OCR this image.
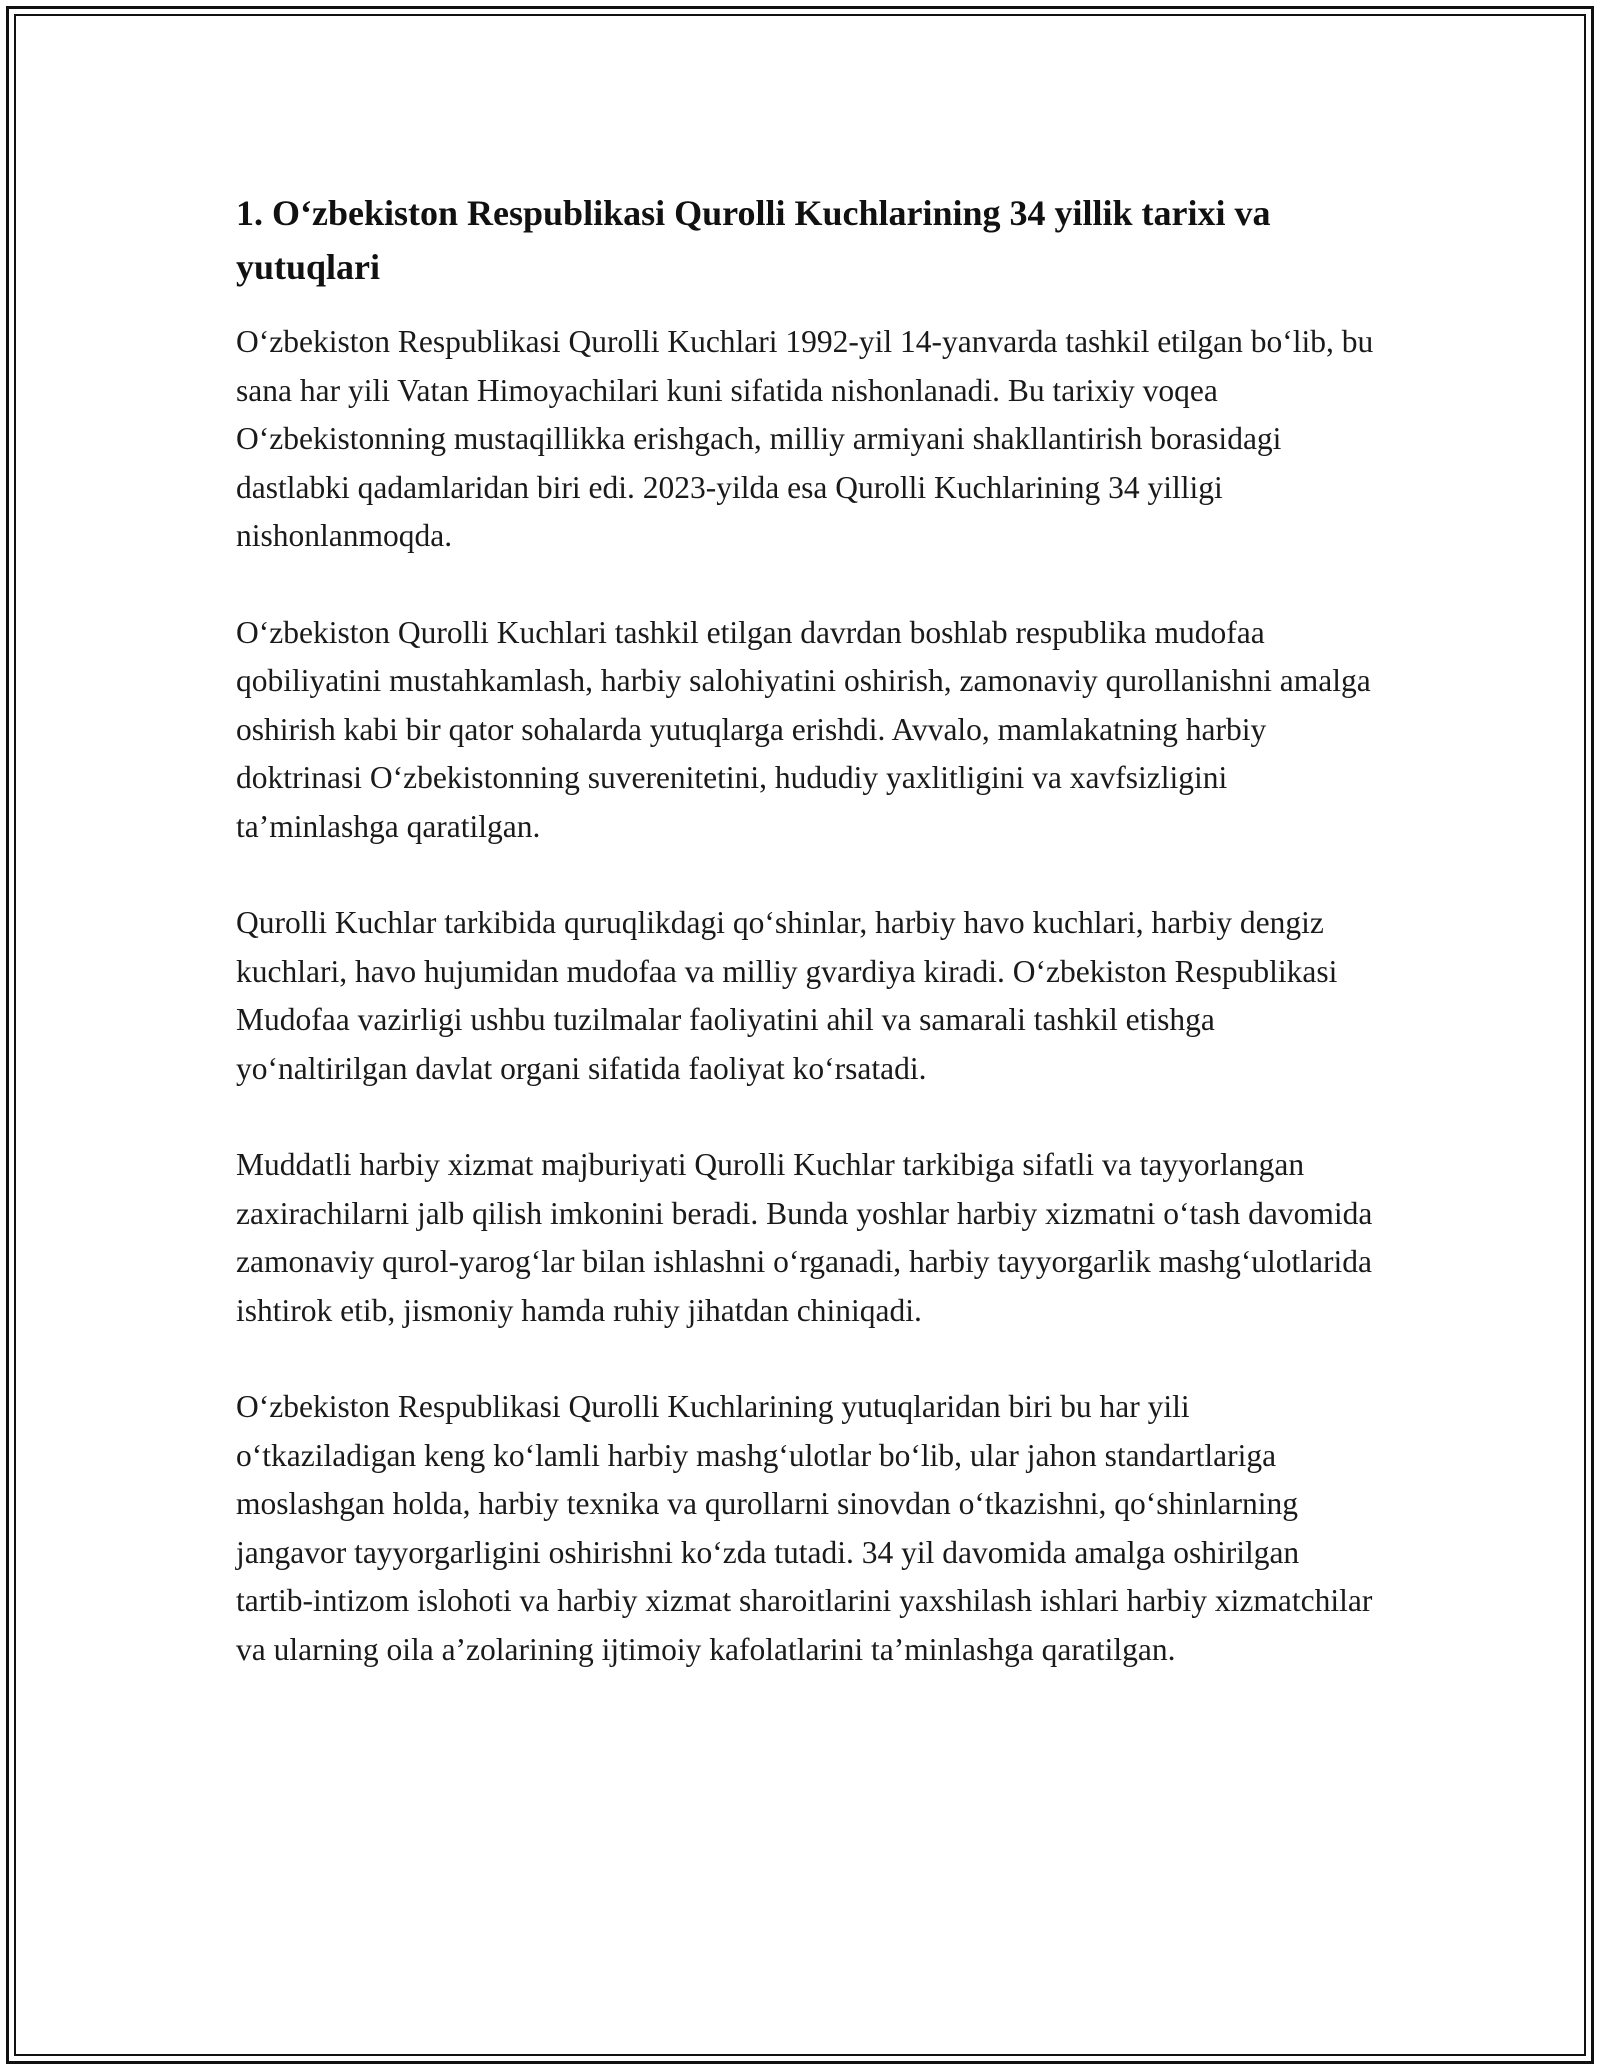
1. O‘zbekiston Respublikasi Qurolli Kuchlarining 34 yillik tarixi va yutuqlari

O‘zbekiston Respublikasi Qurolli Kuchlari 1992-yil 14-yanvarda tashkil etilgan bo‘lib, bu sana har yili Vatan Himoyachilari kuni sifatida nishonlanadi. Bu tarixiy voqea O‘zbekistonning mustaqillikka erishgach, milliy armiyani shakllantirish borasidagi dastlabki qadamlaridan biri edi. 2023-yilda esa Qurolli Kuchlarining 34 yilligi nishonlanmoqda.

O‘zbekiston Qurolli Kuchlari tashkil etilgan davrdan boshlab respublika mudofaa qobiliyatini mustahkamlash, harbiy salohiyatini oshirish, zamonaviy qurollanishni amalga oshirish kabi bir qator sohalarda yutuqlarga erishdi. Avvalo, mamlakatning harbiy doktrinasi O‘zbekistonning suverenitetini, hududiy yaxlitligini va xavfsizligini ta’minlashga qaratilgan.

Qurolli Kuchlar tarkibida quruqlikdagi qo‘shinlar, harbiy havo kuchlari, harbiy dengiz kuchlari, havo hujumidan mudofaa va milliy gvardiya kiradi. O‘zbekiston Respublikasi Mudofaa vazirligi ushbu tuzilmalar faoliyatini ahil va samarali tashkil etishga yo‘naltirilgan davlat organi sifatida faoliyat ko‘rsatadi.

Muddatli harbiy xizmat majburiyati Qurolli Kuchlar tarkibiga sifatli va tayyorlangan zaxirachilarni jalb qilish imkonini beradi. Bunda yoshlar harbiy xizmatni o‘tash davomida zamonaviy qurol-yarog‘lar bilan ishlashni o‘rganadi, harbiy tayyorgarlik mashg‘ulotlarida ishtirok etib, jismoniy hamda ruhiy jihatdan chiniqadi.

O‘zbekiston Respublikasi Qurolli Kuchlarining yutuqlaridan biri bu har yili o‘tkaziladigan keng ko‘lamli harbiy mashg‘ulotlar bo‘lib, ular jahon standartlariga moslashgan holda, harbiy texnika va qurollarni sinovdan o‘tkazishni, qo‘shinlarning jangavor tayyorgarligini oshirishni ko‘zda tutadi. 34 yil davomida amalga oshirilgan tartib-intizom islohoti va harbiy xizmat sharoitlarini yaxshilash ishlari harbiy xizmatchilar va ularning oila a’zolarining ijtimoiy kafolatlarini ta’minlashga qaratilgan.
